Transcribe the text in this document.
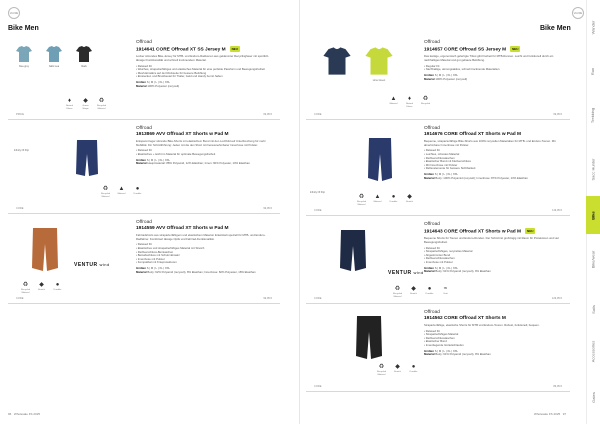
VAUDE
Bike Men
blue-grey	baltic sea	black
Offroad
1914641 CORE Offroad XT SS Jersey M NEU
Locker sitzendes Bike-Jersey für MTB- und Enduro-Radtouren aus gekämmter Recyclingfaser mit sportlich-lässiger Funktionalität und schnell trocknendem Material.
• Relaxed Fit
• Weiches, strapazierfähiges und elastisches Material für eine perfekte Passform und Bewegungsfreiheit
• Mesh-Einsätze auf der Rückseite für bessere Belüftung
• Einsteckel- und Brustbeutel für Trailer, Geld und Handy bei ist haben
Größen S | M | L | XL | XXL
Material 100% Polyester (recycelt)
♦
Natural Fibres
◆
Green Shape
♻
Recycled Material
PRICE	69,95 €
Infinity Of Pop
Offroad
1913869 AVV Offroad XT Shorts w Pad M
Entspannt leger sitzende Bike-Shorts mit elastischem Bund mit den Lochbild auf Unterbrechung für mehr Mobilität. Für Schnittführung: Jeden mit die den Short mit herausnehmbarer Innenhose mit Polster.
• Relaxed Fit
• Elastisches + leicht im Material für optimale Bewegungsfreiheit
Größen S | M | L | XL | XXL
Material Hauptmaterial: 88% Polyamid, 12% Elasthan; Innen: 90% Polyester, 10% Elasthan
♻
Recycled Material
▲
Material
●
Durable
CODE	99,95 €
VENTUR wind
Offroad
1914559 AVV Offroad XT Shorts w Pad M
Fahrradshorts aus strapazierfähigem und elastischem Material. Entwickelt speziell für MTB- und Enduro-Radfahrer. Kombiniert lässige Optik und Fahrrad-Funktionalität.
• Relaxed Fit
• Elastisches und strapazierfähiges Material mit Stretch
• Reißverschluss-Beintaschen
• Beinabschluss mit Schutz-Einsatz
• Innenhose mit Polster
• Kompatibel mit Knieprotektoren
Größen S | M | L | XL | XXL
Material Body: 92% Polyamid (recycelt), 8% Elasthan; Innenhose: 82% Polyester, 18% Elasthan
♻
Recycled Material
◆
Stretch
●
Durable
CODE	99,95 €
96 Wholesale FS 2025
VAUDE
Bike Men
Lime Green
Offroad
1914657 CORE Offroad SS Jersey M NEU
Das kantige, ergonomisch gefertigte Trikot gibt Freiheit für MTB-Rennen. Leicht und funktionell durch ein nachhaltiges Material und gut gebaute Belüftung.
• Regular Fit
• Nachhaltige, atmungsaktive, schnell trocknende Materialien
Größen S | M | L | XL | XXL
Material 100% Polyester (recycelt)
▲
Material
♦
Natural Fibres
♻
Recycled
CODE	69,95 €
Infinity Of Pop
Offroad
1914676 CORE Offroad XT Shorts w Pad M
Bequeme, strapazierfähige Bike-Shorts aus 100% recycelten Materialien für MTB- und Enduro-Touren. Mit abnehmbarer Innenhose mit Polster.
• Relaxed Fit
• Leichtes, robustes Material
• Reißverschlusstaschen
• Elastischer Bund mit Klettverschluss
• Mit Innenhose mit Polster
• Reflexelemente für bessere Sichtbarkeit
Größen S | M | L | XL | XXL
Material Body: 100% Polyamid (recycelt); Innenhose: 87% Polyester, 13% Elasthan
♻
Recycled Material
▲
Material
●
Durable
◆
Stretch
CODE	119,95 €
VENTUR wind
Offroad
1914643 CORE Offroad XT Shorts w Pad M NEU
Bequeme Shorts für Touren und Enduro-Runden. Der Schnitt ist großzügig mit Raum für Protektoren und viel Bewegungsfreiheit.
• Relaxed Fit
• Strapazierfähiges, recyceltes Material
• Abgestimmter Bund
• Reißverschlusstaschen
• Innenhose mit Polster
Größen S | M | L | XL | XXL
Material Body: 91% Polyamid (recycelt), 9% Elasthan
♻
Recycled Material
◆
Stretch
●
Durable
≈
Vent
CODE	129,95 €
Offroad
1914562 CORE Offroad XT Shorts M
Strapazierfähige, elastische Shorts für MTB und Enduro-Touren. Robust, funktionell, bequem.
• Relaxed Fit
• Strapazierfähiges Material
• Reißverschlusstaschen
• Elastischer Bund
• Innenliegende Gürtelschlaufen
Größen S | M | L | XL | XXL
Material Body: 91% Polyamid (recycelt), 9% Elasthan
♻
Recycled Material
◆
Stretch
●
Durable
CODE	89,95 €
Wholesale FS 2025 97
Wander
Run
Trekking
Sacc Hunter
Bike
Bike/wear
Sails
Accessories
Gates
